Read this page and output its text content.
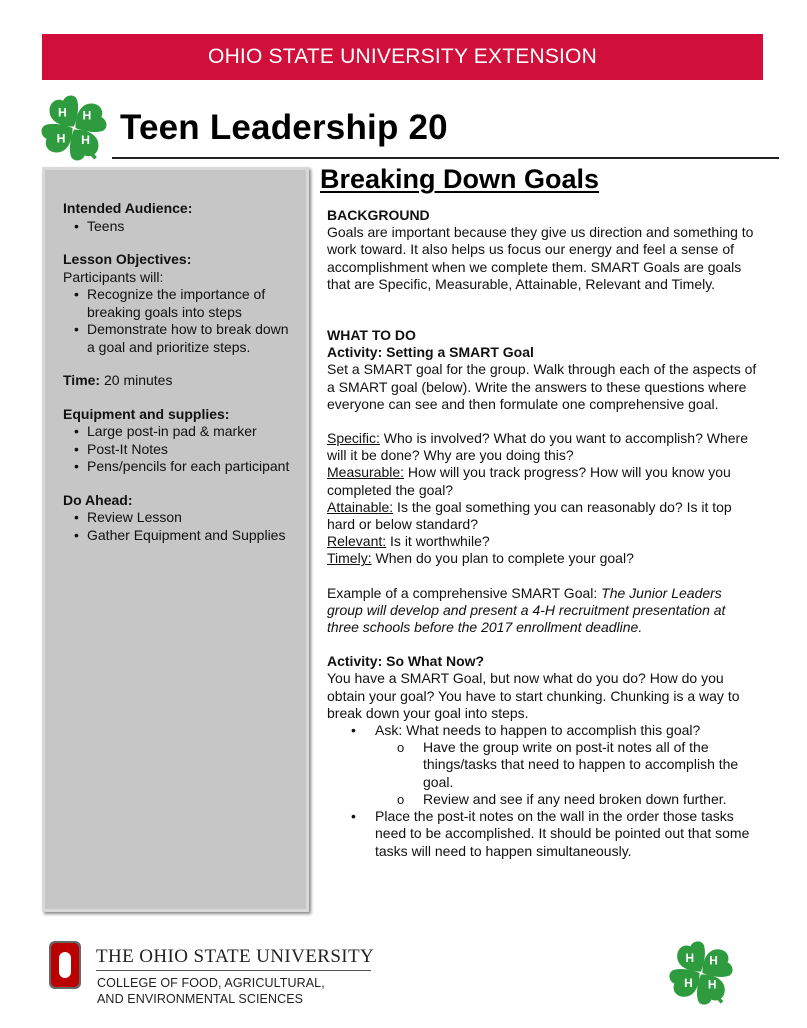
OHIO STATE UNIVERSITY EXTENSION
H H
H
H Teen Leadership 20
Intended Audience:
• Teens
Lesson Objectives:
Participants will:
• Recognize the importance of breaking goals into steps
• Demonstrate how to break down a goal and prioritize steps.
Time: 20 minutes
Equipment and supplies:
• Large post-in pad & marker
• Post-It Notes
• Pens/pencils for each participant
Do Ahead:
• Review Lesson
• Gather Equipment and Supplies
Breaking Down Goals
BACKGROUND

Goals are important because they give us direction and something to work toward. It also helps us focus our energy and feel a sense of accomplishment when we complete them. SMART Goals are goals that are Specific, Measurable, Attainable, Relevant and Timely.

WHAT TO DO
Activity: Setting a SMART Goal

Set a SMART goal for the group. Walk through each of the aspects of a SMART goal (below). Write the answers to these questions where everyone can see and then formulate one comprehensive goal.

Specific: Who is involved? What do you want to accomplish? Where will it be done? Why are you doing this?
Measurable: How will you track progress? How will you know you completed the goal?
Attainable: Is the goal something you can reasonably do? Is it top hard or below standard?
Relevant: Is it worthwhile?
Timely: When do you plan to complete your goal?

Example of a comprehensive SMART Goal: The Junior Leaders group will develop and present a 4-H recruitment presentation at three schools before the 2017 enrollment deadline.

Activity: So What Now?

You have a SMART Goal, but now what do you do? How do you obtain your goal? You have to start chunking. Chunking is a way to break down your goal into steps.

• Ask: What needs to happen to accomplish this goal?
o Have the group write on post-it notes all of the things/tasks that need to happen to accomplish the goal.
o Review and see if any need broken down further.
• Place the post-it notes on the wall in the order those tasks need to be accomplished. It should be pointed out that some tasks will need to happen simultaneously.
THE OHIO STATE UNIVERSITY
COLLEGE OF FOOD, AGRICULTURAL,
AND ENVIRONMENTAL SCIENCES
H H
H
H
